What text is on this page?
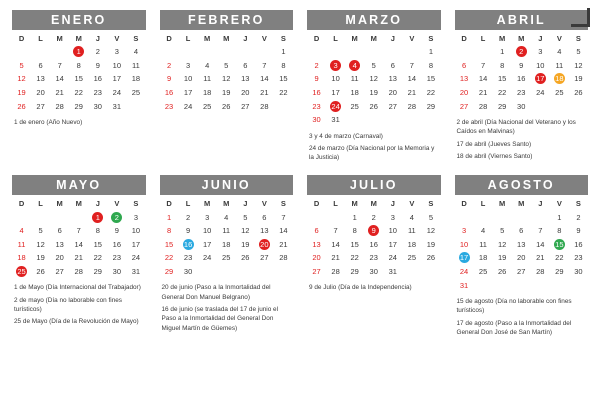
ENERO
D	L	M	M	J	V	S
			1	2	3	4
5	6	7	8	9	10	11
12	13	14	15	16	17	18
19	20	21	22	23	24	25
26	27	28	29	30	31	
1 de enero (Año Nuevo)
FEBRERO
D	L	M	M	J	V	S
						1
2	3	4	5	6	7	8
9	10	11	12	13	14	15
16	17	18	19	20	21	22
23	24	25	26	27	28	
MARZO
D	L	M	M	J	V	S
						1
2	3	4	5	6	7	8
9	10	11	12	13	14	15
16	17	18	19	20	21	22
23	24	25	26	27	28	29
30	31					
3 y 4 de marzo (Carnaval)
24 de marzo (Día Nacional por la Memoria y la Justicia)
ABRIL
D	L	M	M	J	V	S
		1	2	3	4	5
6	7	8	9	10	11	12
13	14	15	16	17	18	19
20	21	22	23	24	25	26
27	28	29	30			
2 de abril (Día Nacional del Veterano y los Caídos en Malvinas)
17 de abril (Jueves Santo)
18 de abril (Viernes Santo)
MAYO
D	L	M	M	J	V	S
				1	2	3
4	5	6	7	8	9	10
11	12	13	14	15	16	17
18	19	20	21	22	23	24
25	26	27	28	29	30	31
1 de Mayo (Día Internacional del Trabajador)
2 de mayo (Día no laborable con fines turísticos)
25 de Mayo (Día de la Revolución de Mayo)
JUNIO
D	L	M	M	J	V	S
1	2	3	4	5	6	7
8	9	10	11	12	13	14
15	16	17	18	19	20	21
22	23	24	25	26	27	28
29	30					
20 de junio (Paso a la Inmortalidad del General Don Manuel Belgrano)
16 de junio (se traslada del 17 de junio el Paso a la Inmortalidad del General Don Miguel Martín de Güemes)
JULIO
D	L	M	M	J	V	S
		1	2	3	4	5
6	7	8	9	10	11	12
13	14	15	16	17	18	19
20	21	22	23	24	25	26
27	28	29	30	31		
9 de Julio (Día de la Independencia)
AGOSTO
D	L	M	M	J	V	S
					1	2
3	4	5	6	7	8	9
10	11	12	13	14	15	16
17	18	19	20	21	22	23
24	25	26	27	28	29	30
31						
15 de agosto (Día no laborable con fines turísticos)
17 de agosto (Paso a la Inmortalidad del General Don José de San Martín)
